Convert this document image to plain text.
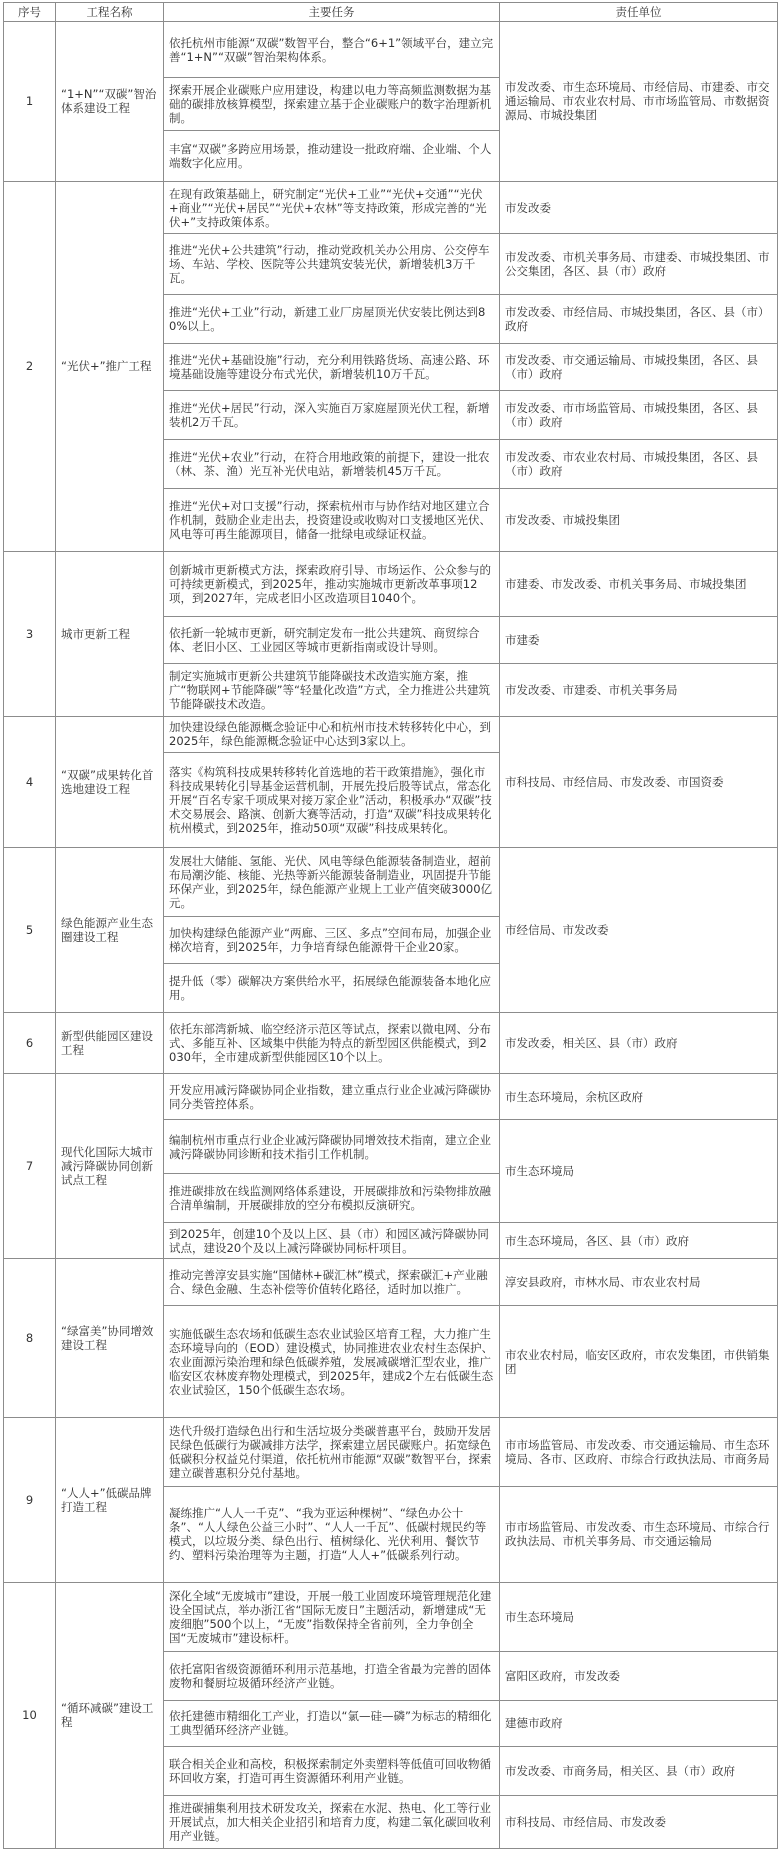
序号	工程名称	主要任务	责任单位
1	“1+N”“双碳”智治体系建设工程	依托杭州市能源“双碳”数智平台，整合“6+1”领域平台，建立完善“1+N”“双碳”智治架构体系。	市发改委、市生态环境局、市经信局、市建委、市交通运输局、市农业农村局、市市场监管局、市数据资源局、市城投集团
		探索开展企业碳账户应用建设，构建以电力等高频监测数据为基础的碳排放核算模型，探索建立基于企业碳账户的数字治理新机制。	
		丰富“双碳”多跨应用场景，推动建设一批政府端、企业端、个人端数字化应用。	
2	“光伏+”推广工程	在现有政策基础上，研究制定“光伏+工业”“光伏+交通”“光伏+商业”“光伏+居民”“光伏+农林”等支持政策，形成完善的“光伏+”支持政策体系。	市发改委
		推进“光伏+公共建筑”行动，推动党政机关办公用房、公交停车场、车站、学校、医院等公共建筑安装光伏，新增装机3万千瓦。	市发改委、市机关事务局、市建委、市城投集团、市公交集团，各区、县（市）政府
		推进“光伏+工业”行动，新建工业厂房屋顶光伏安装比例达到80%以上。	市发改委、市经信局、市城投集团，各区、县（市）政府
		推进“光伏+基础设施”行动，充分利用铁路货场、高速公路、环境基础设施等建设分布式光伏，新增装机10万千瓦。	市发改委、市交通运输局、市城投集团，各区、县（市）政府
		推进“光伏+居民”行动，深入实施百万家庭屋顶光伏工程，新增装机2万千瓦。	市发改委、市市场监管局、市城投集团，各区、县（市）政府
		推进“光伏+农业”行动，在符合用地政策的前提下，建设一批农（林、茶、渔）光互补光伏电站，新增装机45万千瓦。	市发改委、市农业农村局、市城投集团，各区、县（市）政府
		推进“光伏+对口支援”行动，探索杭州市与协作结对地区建立合作机制，鼓励企业走出去，投资建设或收购对口支援地区光伏、风电等可再生能源项目，储备一批绿电或绿证权益。	市发改委、市城投集团
3	城市更新工程	创新城市更新模式方法，探索政府引导、市场运作、公众参与的可持续更新模式，到2025年，推动实施城市更新改革事项12项，到2027年，完成老旧小区改造项目1040个。	市建委、市发改委、市机关事务局、市城投集团
		依托新一轮城市更新，研究制定发布一批公共建筑、商贸综合体、老旧小区、工业园区等城市更新指南或设计导则。	市建委
		制定实施城市更新公共建筑节能降碳技术改造实施方案，推广“物联网+节能降碳”等“轻量化改造”方式，全力推进公共建筑节能降碳技术改造。	市发改委、市建委、市机关事务局
4	“双碳”成果转化首选地建设工程	加快建设绿色能源概念验证中心和杭州市技术转移转化中心，到2025年，绿色能源概念验证中心达到3家以上。	市科技局、市经信局、市发改委、市国资委
		落实《构筑科技成果转移转化首选地的若干政策措施》，强化市科技成果转化引导基金运营机制，开展先投后股等试点，常态化开展“百名专家千项成果对接万家企业”活动，积极承办“双碳”技术交易展会、路演、创新大赛等活动，打造“双碳”科技成果转化杭州模式，到2025年，推动50项“双碳”科技成果转化。	
5	绿色能源产业生态圈建设工程	发展壮大储能、氢能、光伏、风电等绿色能源装备制造业，超前布局潮汐能、核能、光热等新兴能源装备制造业，巩固提升节能环保产业，到2025年，绿色能源产业规上工业产值突破3000亿元。	市经信局、市发改委
		加快构建绿色能源产业“两廊、三区、多点”空间布局，加强企业梯次培育，到2025年，力争培育绿色能源骨干企业20家。	
		提升低（零）碳解决方案供给水平，拓展绿色能源装备本地化应用。	
6	新型供能园区建设工程	依托东部湾新城、临空经济示范区等试点，探索以微电网、分布式、多能互补、区域集中供能为特点的新型园区供能模式，到2030年，全市建成新型供能园区10个以上。	市发改委，相关区、县（市）政府
7	现代化国际大城市减污降碳协同创新试点工程	开发应用减污降碳协同企业指数，建立重点行业企业减污降碳协同分类管控体系。	市生态环境局，余杭区政府
		编制杭州市重点行业企业减污降碳协同增效技术指南，建立企业减污降碳协同诊断和技术指引工作机制。	市生态环境局
		推进碳排放在线监测网络体系建设，开展碳排放和污染物排放融合清单编制，开展碳排放的空分布模拟反演研究。	
		到2025年，创建10个及以上区、县（市）和园区减污降碳协同试点，建设20个及以上减污降碳协同标杆项目。	市生态环境局，各区、县（市）政府
8	“绿富美”协同增效建设工程	推动完善淳安县实施“国储林+碳汇林”模式，探索碳汇+产业融合、绿色金融、生态补偿等价值转化路径，适时加以推广。	淳安县政府，市林水局、市农业农村局
		实施低碳生态农场和低碳生态农业试验区培育工程，大力推广生态环境导向的（EOD）建设模式，协同推进农业农村生态保护、农业面源污染治理和绿色低碳养殖，发展减碳增汇型农业，推广临安区农林废弃物处理模式，到2025年，建成2个左右低碳生态农业试验区，150个低碳生态农场。	市农业农村局，临安区政府，市农发集团，市供销集团
9	“人人+”低碳品牌打造工程	迭代升级打造绿色出行和生活垃圾分类碳普惠平台，鼓励开发居民绿色低碳行为碳减排方法学，探索建立居民碳账户。拓宽绿色低碳积分权益兑付渠道，依托杭州市能源“双碳”数智平台，探索建立碳普惠积分兑付基地。	市市场监管局、市发改委、市交通运输局、市生态环境局、各市、区政府、市综合行政执法局、市商务局
		凝练推广“人人一千克”、“我为亚运种棵树”、“绿色办公十条”、“人人绿色公益三小时”、“人人一千瓦”、低碳村规民约等模式，以垃圾分类、绿色出行、植树绿化、光伏利用、餐饮节约、塑料污染治理等为主题，打造“人人+”低碳系列行动。	市市场监管局、市发改委、市生态环境局、市综合行政执法局、市机关事务局、市交通运输局
10	“循环减碳”建设工程	深化全域“无废城市”建设，开展一般工业固废环境管理规范化建设全国试点，举办浙江省“国际无废日”主题活动，新增建成“无废细胞”500个以上，“无废”指数保持全省前列，全力争创全国“无废城市”建设标杆。	市生态环境局
		依托富阳省级资源循环利用示范基地，打造全省最为完善的固体废物和餐厨垃圾循环经济产业链。	富阳区政府，市发改委
		依托建德市精细化工产业，打造以“氯—硅—磷”为标志的精细化工典型循环经济产业链。	建德市政府
		联合相关企业和高校，积极探索制定外卖塑料等低值可回收物循环回收方案，打造可再生资源循环利用产业链。	市发改委、市商务局，相关区、县（市）政府
		推进碳捕集利用技术研发攻关，探索在水泥、热电、化工等行业开展试点，加大相关企业招引和培育力度，构建二氧化碳回收利用产业链。	市科技局、市经信局、市发改委
